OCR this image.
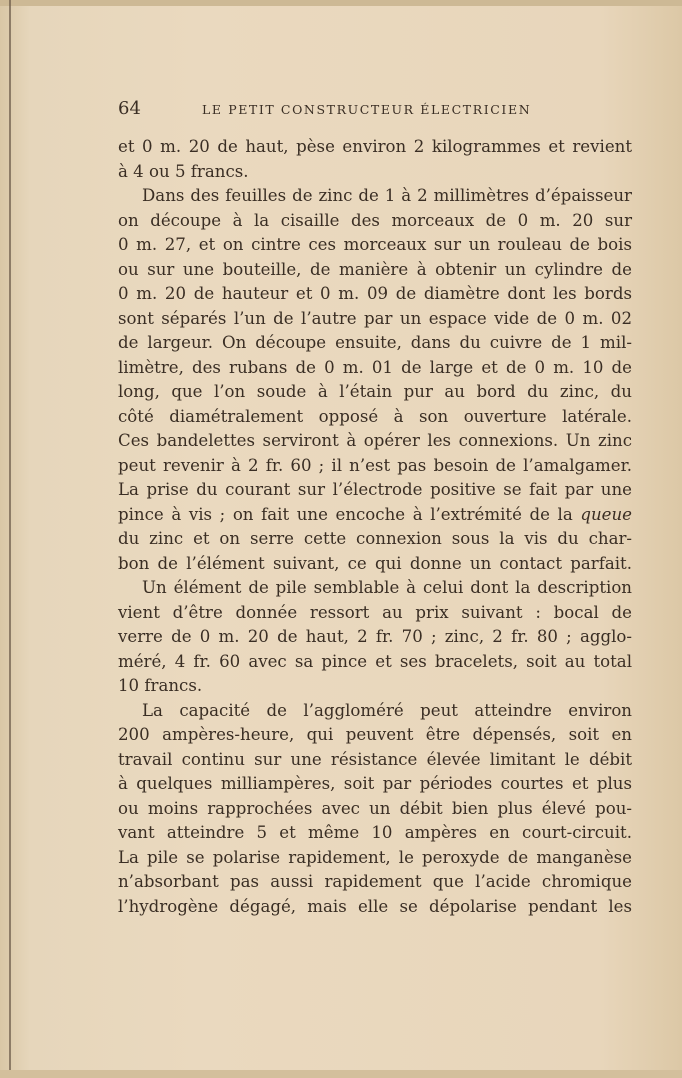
64	LE PETIT CONSTRUCTEUR ÉLECTRICIEN
et 0 m. 20 de haut, pèse environ 2 kilogrammes et revient
à 4 ou 5 francs.
Dans des feuilles de zinc de 1 à 2 millimètres d’épaisseur
on découpe à la cisaille des morceaux de 0 m. 20 sur
0 m. 27, et on cintre ces morceaux sur un rouleau de bois
ou sur une bouteille, de manière à obtenir un cylindre de
0 m. 20 de hauteur et 0 m. 09 de diamètre dont les bords
sont séparés l’un de l’autre par un espace vide de 0 m. 02
de largeur. On découpe ensuite, dans du cuivre de 1 mil-
limètre, des rubans de 0 m. 01 de large et de 0 m. 10 de
long, que l’on soude à l’étain pur au bord du zinc, du
côté diamétralement opposé à son ouverture latérale.
Ces bandelettes serviront à opérer les connexions. Un zinc
peut revenir à 2 fr. 60 ; il n’est pas besoin de l’amalgamer.
La prise du courant sur l’électrode positive se fait par une
pince à vis ; on fait une encoche à l’extrémité de la queue
du zinc et on serre cette connexion sous la vis du char-
bon de l’élément suivant, ce qui donne un contact parfait.
Un élément de pile semblable à celui dont la description
vient d’être donnée ressort au prix suivant : bocal de
verre de 0 m. 20 de haut, 2 fr. 70 ; zinc, 2 fr. 80 ; agglo-
méré, 4 fr. 60 avec sa pince et ses bracelets, soit au total
10 francs.
La capacité de l’aggloméré peut atteindre environ
200 ampères-heure, qui peuvent être dépensés, soit en
travail continu sur une résistance élevée limitant le débit
à quelques milliampères, soit par périodes courtes et plus
ou moins rapprochées avec un débit bien plus élevé pou-
vant atteindre 5 et même 10 ampères en court-circuit.
La pile se polarise rapidement, le peroxyde de manganèse
n’absorbant pas aussi rapidement que l’acide chromique
l’hydrogène dégagé, mais elle se dépolarise pendant les
